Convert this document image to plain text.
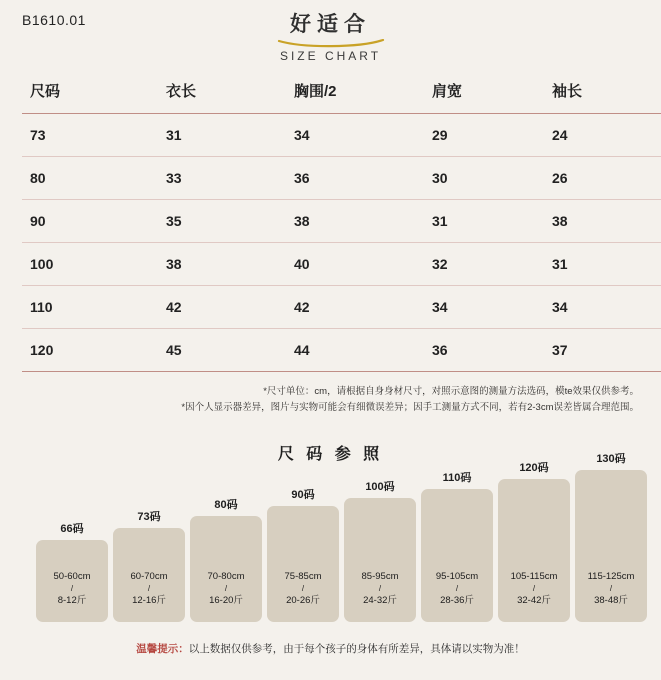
B1610.01	好适合
SIZE CHART
尺码	衣长	胸围/2	肩宽	袖长
73	31	34	29	24
80	33	36	30	26
90	35	38	31	38
100	38	40	32	31
110	42	42	34	34
120	45	44	36	37
*尺寸单位：cm，请根据自身身材尺寸，对照示意图的测量方法选码，模te效果仅供参考。
*因个人显示器差异，图片与实物可能会有细微误差异；因手工测量方式不同，若有2-3cm误差皆属合理范围。
尺 码 参 照
66码
50-60cm
/
8-12斤
73码
60-70cm
/
12-16斤
80码
70-80cm
/
16-20斤
90码
75-85cm
/
20-26斤
100码
85-95cm
/
24-32斤
110码
95-105cm
/
28-36斤
120码
105-115cm
/
32-42斤
130码
115-125cm
/
38-48斤
温馨提示：以上数据仅供参考，由于每个孩子的身体有所差异，具体请以实物为准！
